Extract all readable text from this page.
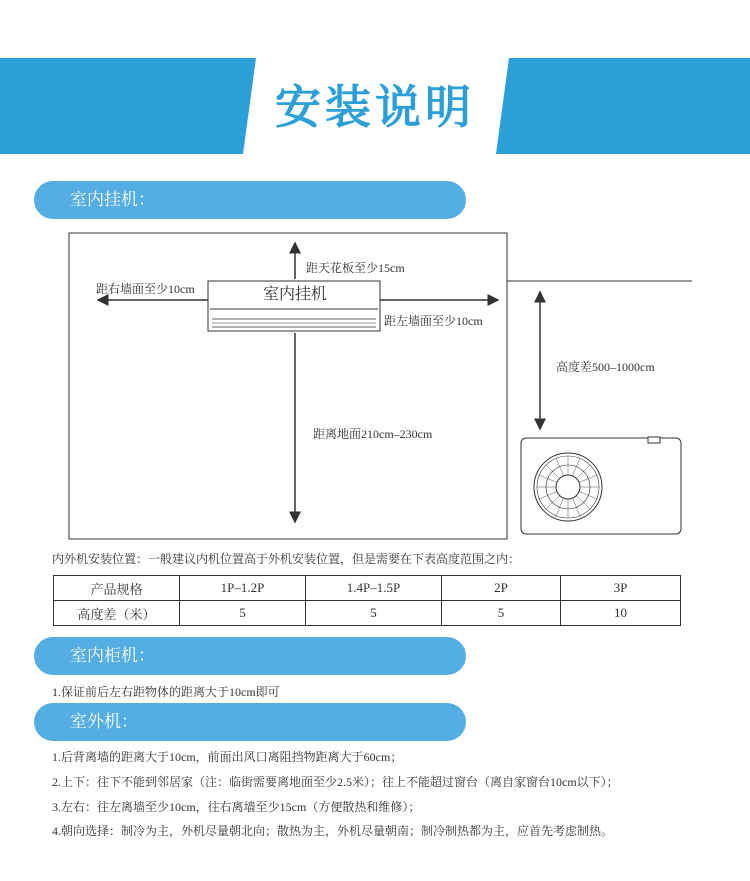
安装说明
室内挂机：
距天花板至少15cm
距右墙面至少10cm
距左墙面至少10cm
距离地面210cm–230cm
高度差500–1000cm
室内挂机
内外机安装位置：一般建议内机位置高于外机安装位置，但是需要在下表高度范围之内：
产品规格	1P–1.2P	1.4P–1.5P	2P	3P
高度差（米）	5	5	5	10
室内柜机：
1.保证前后左右距物体的距离大于10cm即可
室外机：
1.后背离墙的距离大于10cm，前面出风口离阻挡物距离大于60cm；
2.上下：往下不能到邻居家（注：临街需要离地面至少2.5米）；往上不能超过窗台（离自家窗台10cm以下）；
3.左右：往左离墙至少10cm，往右离墙至少15cm（方便散热和维修）；
4.朝向选择：制冷为主，外机尽量朝北向；散热为主，外机尽量朝南；制冷制热都为主，应首先考虑制热。
